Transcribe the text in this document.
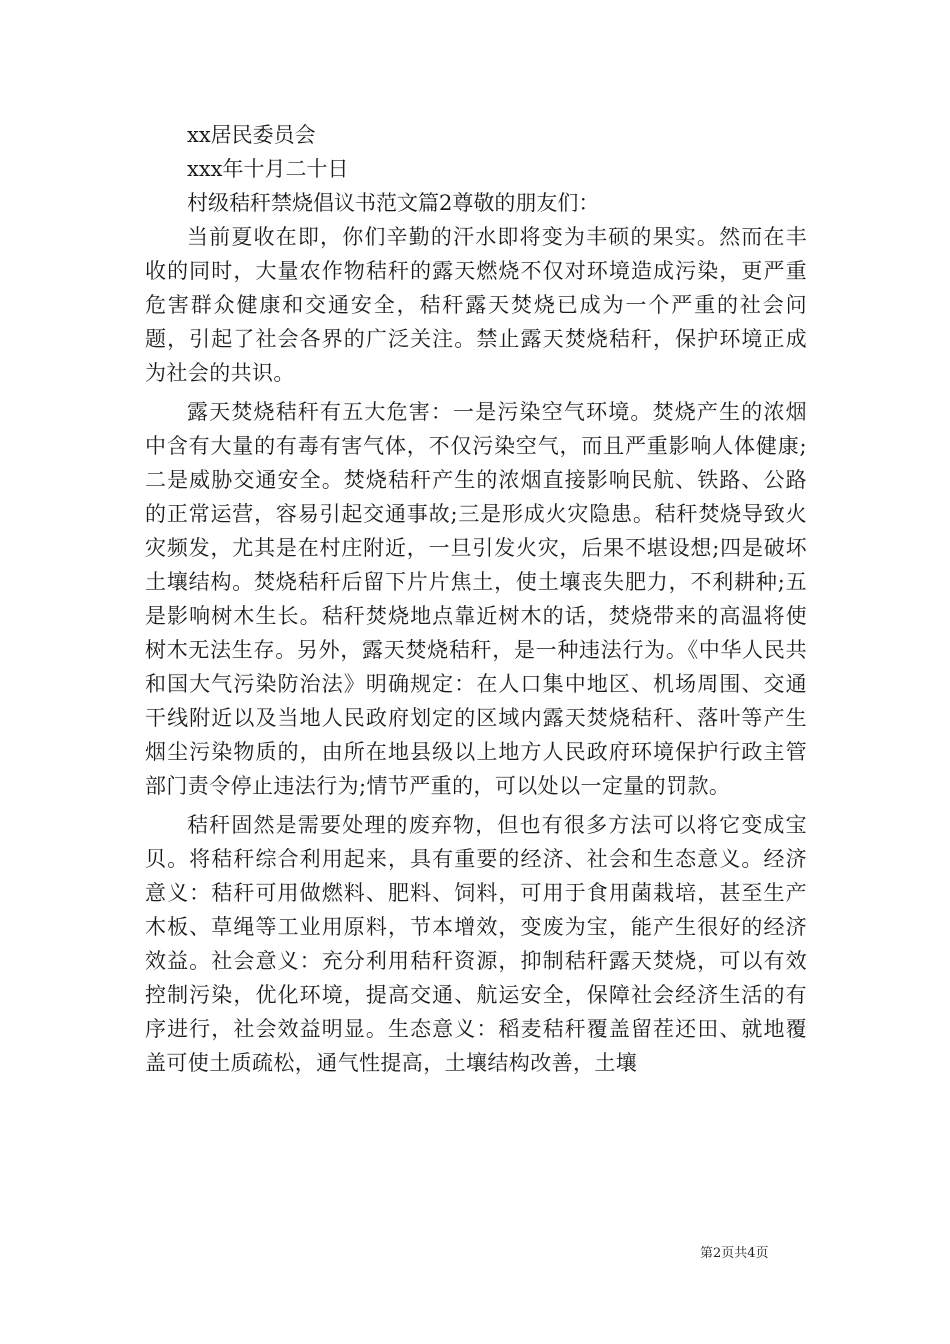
xx居民委员会

xxx年十月二十日

村级秸秆禁烧倡议书范文篇2尊敬的朋友们：

当前夏收在即，你们辛勤的汗水即将变为丰硕的果实。然而在丰收的同时，大量农作物秸秆的露天燃烧不仅对环境造成污染，更严重危害群众健康和交通安全，秸秆露天焚烧已成为一个严重的社会问题，引起了社会各界的广泛关注。禁止露天焚烧秸秆，保护环境正成为社会的共识。

露天焚烧秸秆有五大危害：一是污染空气环境。焚烧产生的浓烟中含有大量的有毒有害气体，不仅污染空气，而且严重影响人体健康;二是威胁交通安全。焚烧秸秆产生的浓烟直接影响民航、铁路、公路的正常运营，容易引起交通事故;三是形成火灾隐患。秸秆焚烧导致火灾频发，尤其是在村庄附近，一旦引发火灾，后果不堪设想;四是破坏土壤结构。焚烧秸秆后留下片片焦土，使土壤丧失肥力，不利耕种;五是影响树木生长。秸秆焚烧地点靠近树木的话，焚烧带来的高温将使树木无法生存。另外，露天焚烧秸秆，是一种违法行为。《中华人民共和国大气污染防治法》明确规定：在人口集中地区、机场周围、交通干线附近以及当地人民政府划定的区域内露天焚烧秸秆、落叶等产生烟尘污染物质的，由所在地县级以上地方人民政府环境保护行政主管部门责令停止违法行为;情节严重的，可以处以一定量的罚款。

秸秆固然是需要处理的废弃物，但也有很多方法可以将它变成宝贝。将秸秆综合利用起来，具有重要的经济、社会和生态意义。经济意义：秸秆可用做燃料、肥料、饲料，可用于食用菌栽培，甚至生产木板、草绳等工业用原料，节本增效，变废为宝，能产生很好的经济效益。社会意义：充分利用秸秆资源，抑制秸秆露天焚烧，可以有效控制污染，优化环境，提高交通、航运安全，保障社会经济生活的有序进行，社会效益明显。生态意义：稻麦秸秆覆盖留茬还田、就地覆盖可使土质疏松，通气性提高，土壤结构改善，土壤

第2页共4页
